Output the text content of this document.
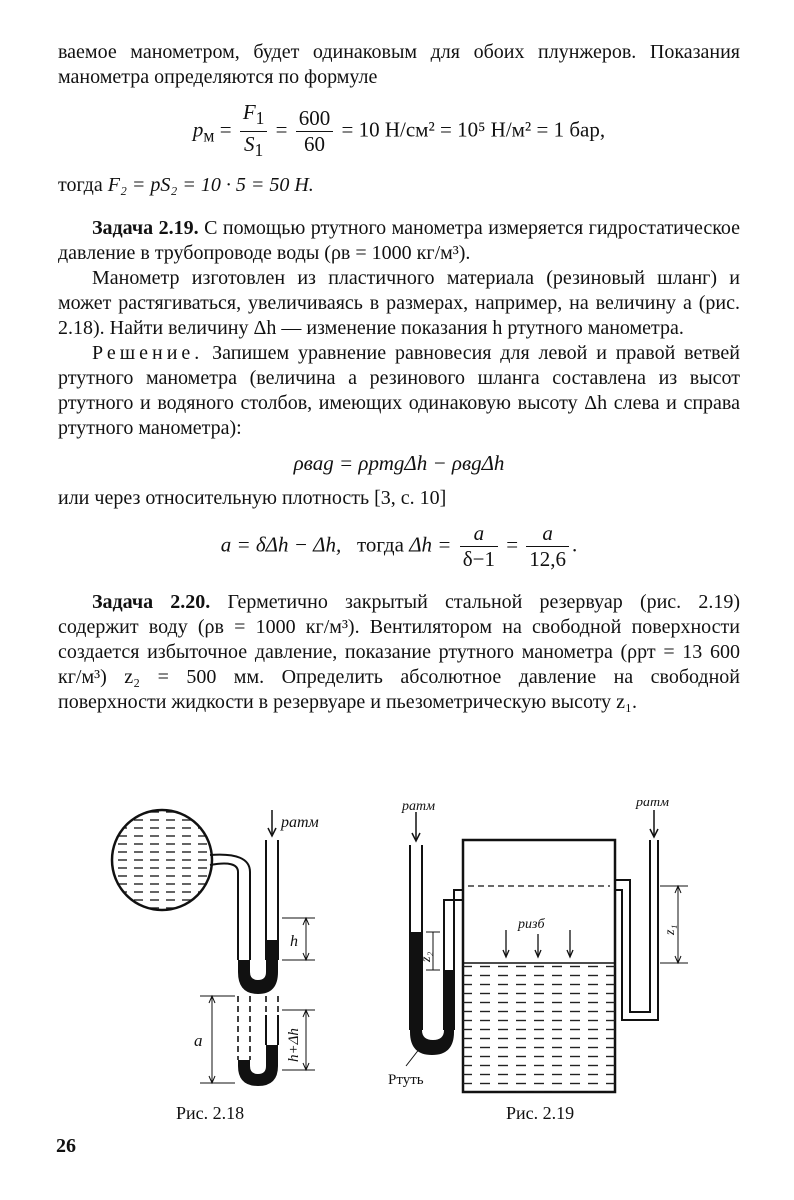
ваемое манометром, будет одинаковым для обоих плунжеров. Показания манометра определяются по формуле

$p_м = \frac{F_1}{S_1} = \frac{600}{60} = 10$ Н/см² = 10⁵ Н/м² = 1 бар,

тогда F₂ = pS₂ = 10 · 5 = 50 Н.

Задача 2.19. С помощью ртутного манометра измеряется гидростатическое давление в трубопроводе воды (ρв = 1000 кг/м³).

Манометр изготовлен из пластичного материала (резиновый шланг) и может растягиваться, увеличиваясь в размерах, например, на величину a (рис. 2.18). Найти величину Δh — изменение показания h ртутного манометра.

Решение. Запишем уравнение равновесия для левой и правой ветвей ртутного манометра (величина a резинового шланга составлена из высот ртутного и водяного столбов, имеющих одинаковую высоту Δh слева и справа ртутного манометра):

ρвag = ρртgΔh − ρвgΔh

или через относительную плотность [3, с. 10]

a = δΔh − Δh, тогда $\Delta h = \frac{a}{\delta-1} = \frac{a}{12,6}$ .

Задача 2.20. Герметично закрытый стальной резервуар (рис. 2.19) содержит воду (ρв = 1000 кг/м³). Вентилятором на свободной поверхности создается избыточное давление, показание ртутного манометра (ρрт = 13 600 кг/м³) z₂ = 500 мм. Определить абсолютное давление на свободной поверхности жидкости в резервуаре и пьезометрическую высоту z₁.

pатм
h
a	h+Δh
Рис. 2.18
pатм
z₂
Ртуть
pизб
pатм
z₁
Рис. 2.19
26
